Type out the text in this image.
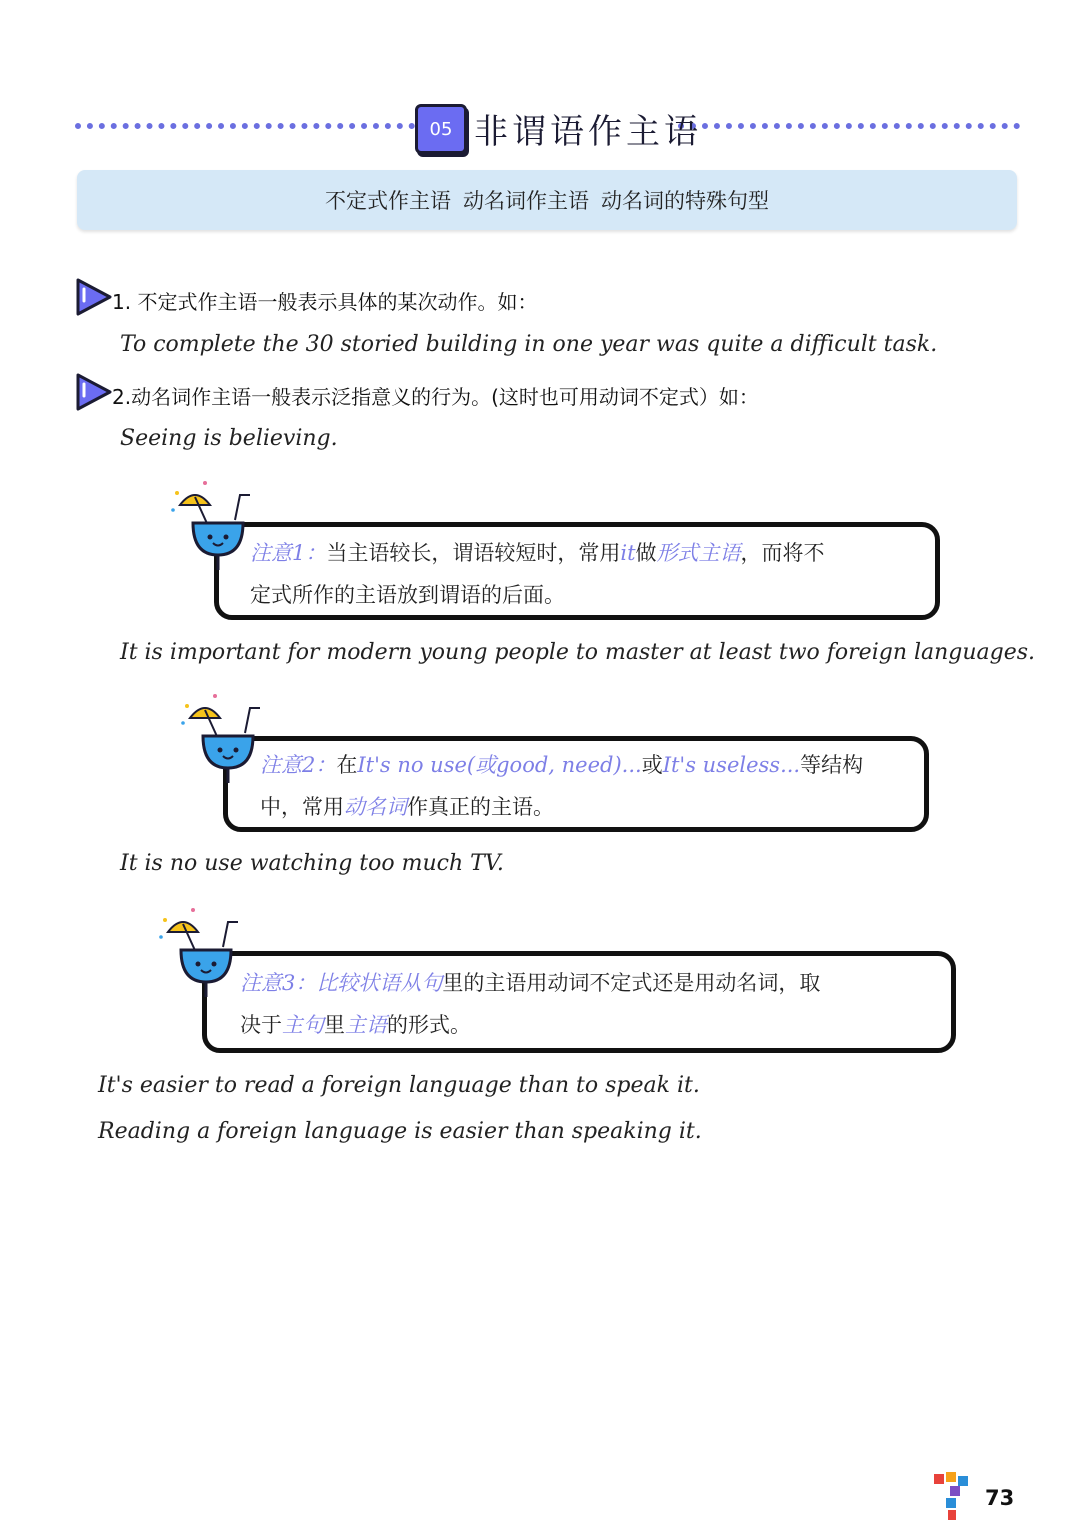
05 非谓语作主语
不定式作主语 动名词作主语 动名词的特殊句型
1. 不定式作主语一般表示具体的某次动作。如：
To complete the 30 storied building in one year was quite a difficult task.
2.动名词作主语一般表示泛指意义的行为。(这时也可用动词不定式）如：
Seeing is believing.
注意1：当主语较长，谓语较短时，常用it做形式主语，而将不
定式所作的主语放到谓语的后面。
It is important for modern young people to master at least two foreign languages.
注意2：在It's no use(或good, need)...或It's useless...等结构
中，常用动名词作真正的主语。
It is no use watching too much TV.
注意3：比较状语从句里的主语用动词不定式还是用动名词，取
决于主句里主语的形式。
It's easier to read a foreign language than to speak it.
Reading a foreign language is easier than speaking it.
73
